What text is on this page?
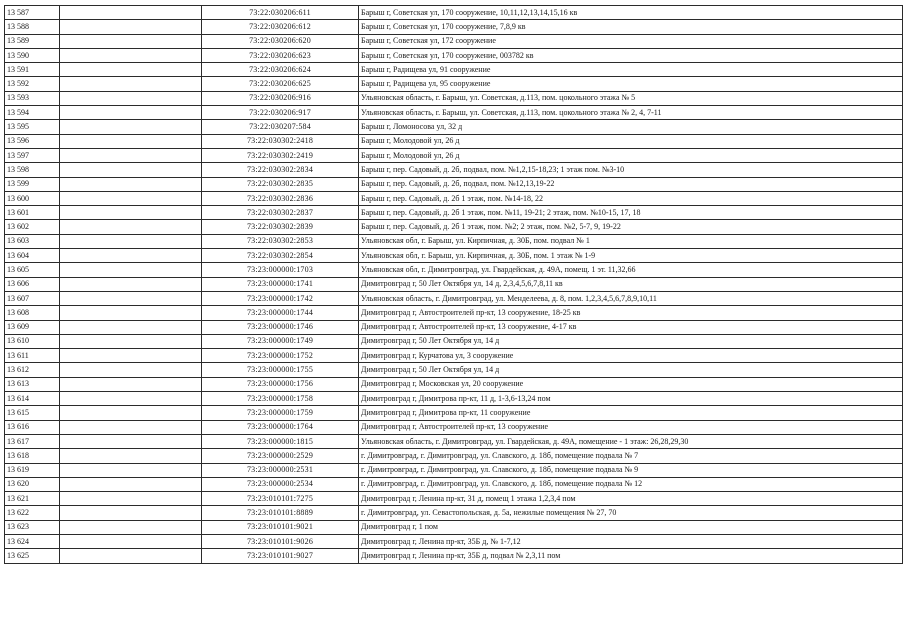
13 587		73:22:030206:611	Барыш г, Советская ул, 170 сооружение, 10,11,12,13,14,15,16 кв
13 588		73:22:030206:612	Барыш г, Советская ул, 170 сооружение, 7,8,9 кв
13 589		73:22:030206:620	Барыш г, Советская ул, 172 сооружение
13 590		73:22:030206:623	Барыш г, Советская ул, 170 сооружение, 003782 кв
13 591		73:22:030206:624	Барыш г, Радищева ул, 91 сооружение
13 592		73:22:030206:625	Барыш г, Радищева ул, 95 сооружение
13 593		73:22:030206:916	Ульяновская область, г. Барыш, ул. Советская, д.113, пом. цокольного этажа № 5
13 594		73:22:030206:917	Ульяновская область, г. Барыш, ул. Советская, д.113, пом. цокольного этажа № 2, 4, 7-11
13 595		73:22:030207:584	Барыш г, Ломоносова ул, 32 д
13 596		73:22:030302:2418	Барыш г, Молодовой ул, 26 д
13 597		73:22:030302:2419	Барыш г, Молодовой ул, 26 д
13 598		73:22:030302:2834	Барыш г, пер. Садовый, д. 2б, подвал, пом. №1,2,15-18,23; 1 этаж пом. №3-10
13 599		73:22:030302:2835	Барыш г, пер. Садовый, д. 2б, подвал, пом. №12,13,19-22
13 600		73:22:030302:2836	Барыш г, пер. Садовый, д. 2б 1 этаж, пом. №14-18, 22
13 601		73:22:030302:2837	Барыш г, пер. Садовый, д. 2б 1 этаж, пом. №11, 19-21; 2 этаж, пом. №10-15, 17, 18
13 602		73:22:030302:2839	Барыш г, пер. Садовый, д. 2б 1 этаж, пом. №2; 2 этаж, пом. №2, 5-7, 9, 19-22
13 603		73:22:030302:2853	Ульяновская обл, г. Барыш, ул. Кирпичная, д. 30Б, пом. подвал № 1
13 604		73:22:030302:2854	Ульяновская обл, г. Барыш, ул. Кирпичная, д. 30Б, пом. 1 этаж № 1-9
13 605		73:23:000000:1703	Ульяновская обл, г. Димитровград, ул. Гвардейская, д. 49А, помещ. 1 эт. 11,32,66
13 606		73:23:000000:1741	Димитровград г, 50 Лет Октября ул, 14 д, 2,3,4,5,6,7,8,11 кв
13 607		73:23:000000:1742	Ульяновская область, г. Димитровград, ул. Менделеева, д. 8, пом. 1,2,3,4,5,6,7,8,9,10,11
13 608		73:23:000000:1744	Димитровград г, Автостроителей пр-кт, 13 сооружение, 18-25 кв
13 609		73:23:000000:1746	Димитровград г, Автостроителей пр-кт, 13 сооружение, 4-17 кв
13 610		73:23:000000:1749	Димитровград г, 50 Лет Октября ул, 14 д
13 611		73:23:000000:1752	Димитровград г, Курчатова ул, 3 сооружение
13 612		73:23:000000:1755	Димитровград г, 50 Лет Октября ул, 14 д
13 613		73:23:000000:1756	Димитровград г, Московская ул, 20 сооружение
13 614		73:23:000000:1758	Димитровград г, Димитрова пр-кт, 11 д, 1-3,6-13,24 пом
13 615		73:23:000000:1759	Димитровград г, Димитрова пр-кт, 11 сооружение
13 616		73:23:000000:1764	Димитровград г, Автостроителей пр-кт, 13 сооружение
13 617		73:23:000000:1815	Ульяновская область, г. Димитровград, ул. Гвардейская, д. 49А, помещение - 1 этаж: 26,28,29,30
13 618		73:23:000000:2529	г. Димитровград, г. Димитровград, ул. Славского, д. 18б, помещение подвала № 7
13 619		73:23:000000:2531	г. Димитровград, г. Димитровград, ул. Славского, д. 18б, помещение подвала № 9
13 620		73:23:000000:2534	г. Димитровград, г. Димитровград, ул. Славского, д. 18б, помещение подвала № 12
13 621		73:23:010101:7275	Димитровград г, Ленина пр-кт, 31 д, помещ 1 этажа 1,2,3,4 пом
13 622		73:23:010101:8889	г. Димитровград, ул. Севастопольская, д. 5а, нежилые помещения № 27, 70
13 623		73:23:010101:9021	Димитровград г, 1 пом
13 624		73:23:010101:9026	Димитровград г, Ленина пр-кт, 35Б д, № 1-7,12
13 625		73:23:010101:9027	Димитровград г, Ленина пр-кт, 35Б д, подвал № 2,3,11 пом
